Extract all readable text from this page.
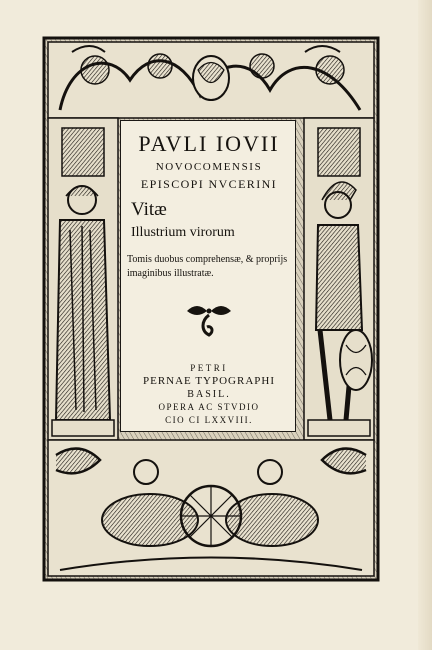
PAVLI IOVII

NOVOCOMENSIS

EPISCOPI NVCERINI

Vitæ

Illustrium virorum

Tomis duobus comprehensæ, & proprijs imaginibus illustratæ.

PETRI

PERNAE TYPOGRAPHI

BASIL.

OPERA AC STVDIO

CIO CI LXXVIII.
